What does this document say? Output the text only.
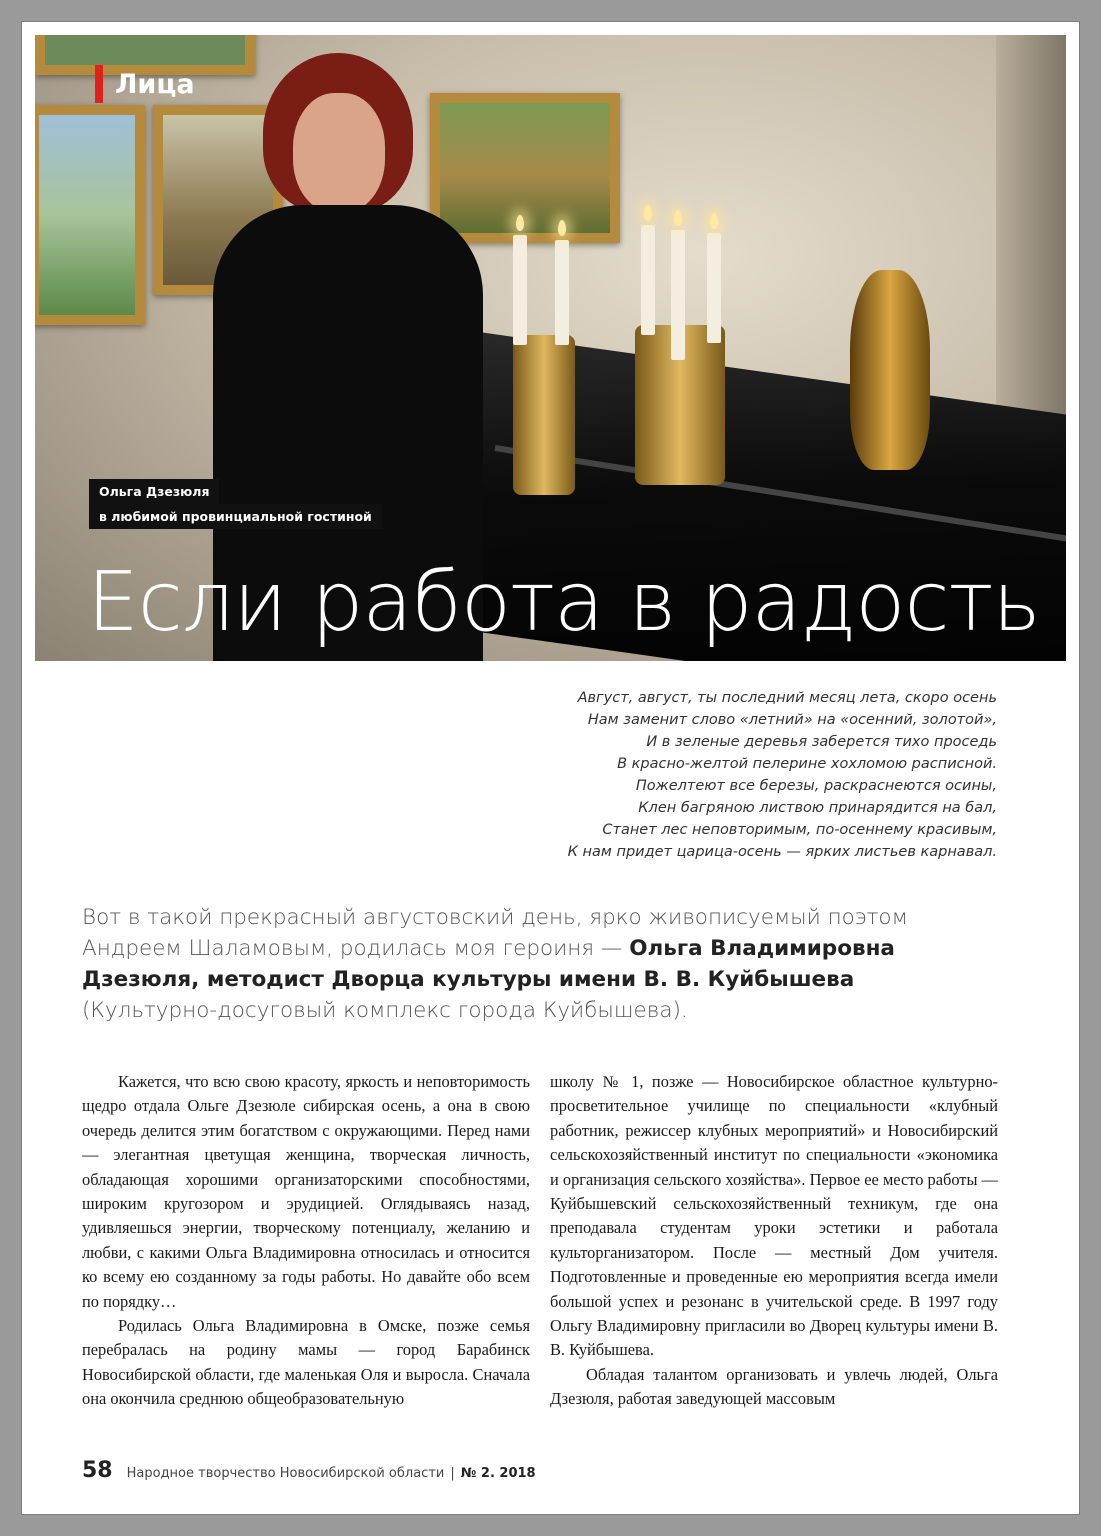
Лица
Ольга Дзезюля
в любимой провинциальной гостиной
Если работа в радость
Август, август, ты последний месяц лета, скоро осень
Нам заменит слово «летний» на «осенний, золотой»,
И в зеленые деревья заберется тихо проседь
В красно-желтой пелерине хохломою расписной.
Пожелтеют все березы, раскраснеются осины,
Клен багряною листвою принарядится на бал,
Станет лес неповторимым, по-осеннему красивым,
К нам придет царица-осень — ярких листьев карнавал.
Вот в такой прекрасный августовский день, ярко живописуемый поэтом Андреем Шаламовым, родилась моя героиня — Ольга Владимировна Дзезюля, методист Дворца культуры имени В. В. Куйбышева (Культурно-досуговый комплекс города Куйбышева).

Кажется, что всю свою красоту, яркость и неповторимость щедро отдала Ольге Дзезюле сибирская осень, а она в свою очередь делится этим богатством с окружающими. Перед нами — элегантная цветущая женщина, творческая личность, обладающая хорошими организаторскими способностями, широким кругозором и эрудицией. Оглядываясь назад, удивляешься энергии, творческому потенциалу, желанию и любви, с какими Ольга Владимировна относилась и относится ко всему ею созданному за годы работы. Но давайте обо всем по порядку…

Родилась Ольга Владимировна в Омске, позже семья перебралась на родину мамы — город Барабинск Новосибирской области, где маленькая Оля и выросла. Сначала она окончила среднюю общеобразовательную

школу № 1, позже — Новосибирское областное культурно-просветительное училище по специальности «клубный работник, режиссер клубных мероприятий» и Новосибирский сельскохозяйственный институт по специальности «экономика и организация сельского хозяйства». Первое ее место работы — Куйбышевский сельскохозяйственный техникум, где она преподавала студентам уроки эстетики и работала культорганизатором. После — местный Дом учителя. Подготовленные и проведенные ею мероприятия всегда имели большой успех и резонанс в учительской среде. В 1997 году Ольгу Владимировну пригласили во Дворец культуры имени В. В. Куйбышева.

Обладая талантом организовать и увлечь людей, Ольга Дзезюля, работая заведующей массовым

58 Народное творчество Новосибирской области | № 2. 2018
